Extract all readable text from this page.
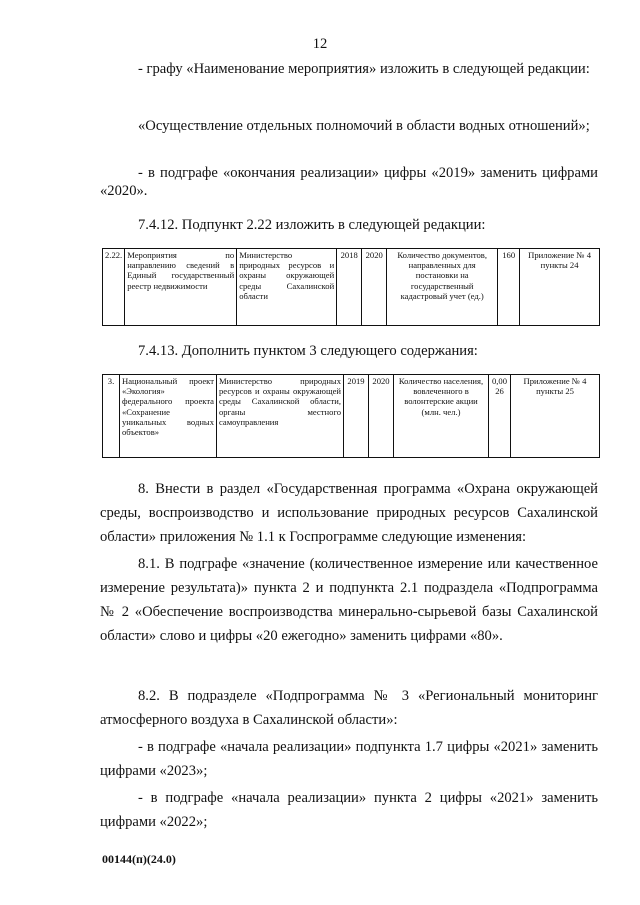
12
- графу «Наименование мероприятия» изложить в следующей редакции:
«Осуществление отдельных полномочий в области водных отношений»;
- в подграфе «окончания реализации» цифры «2019» заменить цифрами «2020».
7.4.12. Подпункт 2.22 изложить в следующей редакции:
2.22.	Мероприятия по направлению сведений в Единый государственный реестр недвижимости	Министерство природных ресурсов и охраны окружающей среды Сахалинской области	2018	2020	Количество документов, направленных для постановки на государственный кадастровый учет (ед.)	160	Приложение № 4 пункты 24
7.4.13. Дополнить пунктом 3 следующего содержания:
3.	Национальный проект «Экология» федерального проекта «Сохранение уникальных водных объектов»	Министерство природных ресурсов и охраны окружающей среды Сахалинской области, органы местного самоуправления	2019	2020	Количество населения, вовлеченного в волонтерские акции (млн. чел.)	0,00 26	Приложение № 4 пункты 25
8. Внести в раздел «Государственная программа «Охрана окружающей среды, воспроизводство и использование природных ресурсов Сахалинской области» приложения № 1.1 к Госпрограмме следующие изменения:
8.1. В подграфе «значение (количественное измерение или качественное измерение результата)» пункта 2 и подпункта 2.1 подраздела «Подпрограмма № 2 «Обеспечение воспроизводства минерально-сырьевой базы Сахалинской области» слово и цифры «20 ежегодно» заменить цифрами «80».
8.2. В подразделе «Подпрограмма № 3 «Региональный мониторинг атмосферного воздуха в Сахалинской области»:
- в подграфе «начала реализации» подпункта 1.7 цифры «2021» заменить цифрами «2023»;
- в подграфе «начала реализации» пункта 2 цифры «2021» заменить цифрами «2022»;
00144(п)(24.0)
